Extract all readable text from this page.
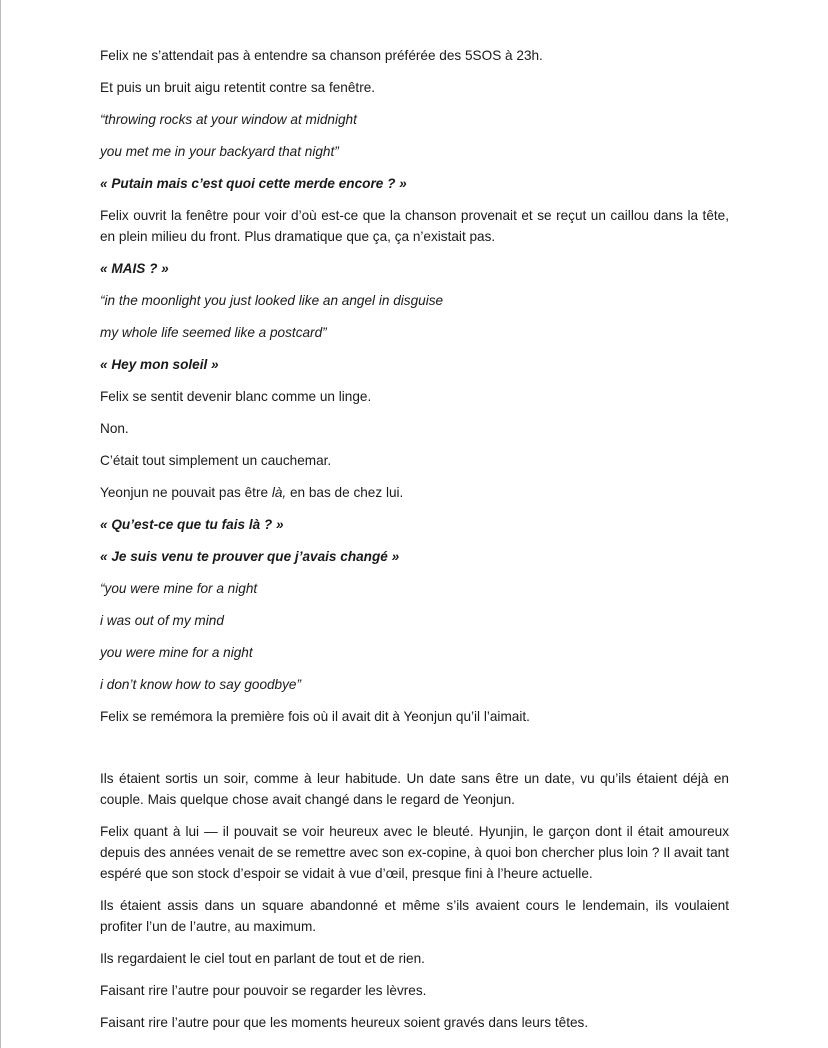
Felix ne s’attendait pas à entendre sa chanson préférée des 5SOS à 23h.

Et puis un bruit aigu retentit contre sa fenêtre.

“throwing rocks at your window at midnight

you met me in your backyard that night”

« Putain mais c’est quoi cette merde encore ? »

Felix ouvrit la fenêtre pour voir d’où est-ce que la chanson provenait et se reçut un caillou dans la tête, en plein milieu du front. Plus dramatique que ça, ça n’existait pas.

« MAIS ? »

“in the moonlight you just looked like an angel in disguise

my whole life seemed like a postcard”

« Hey mon soleil »

Felix se sentit devenir blanc comme un linge.

Non.

C’était tout simplement un cauchemar.

Yeonjun ne pouvait pas être là, en bas de chez lui.

« Qu’est-ce que tu fais là ? »

« Je suis venu te prouver que j’avais changé »

“you were mine for a night

i was out of my mind

you were mine for a night

i don’t know how to say goodbye”

Felix se remémora la première fois où il avait dit à Yeonjun qu’il l’aimait.

Ils étaient sortis un soir, comme à leur habitude. Un date sans être un date, vu qu’ils étaient déjà en couple. Mais quelque chose avait changé dans le regard de Yeonjun.

Felix quant à lui — il pouvait se voir heureux avec le bleuté. Hyunjin, le garçon dont il était amoureux depuis des années venait de se remettre avec son ex-copine, à quoi bon chercher plus loin ? Il avait tant espéré que son stock d’espoir se vidait à vue d’œil, presque fini à l’heure actuelle.

Ils étaient assis dans un square abandonné et même s’ils avaient cours le lendemain, ils voulaient profiter l’un de l’autre, au maximum.

Ils regardaient le ciel tout en parlant de tout et de rien.

Faisant rire l’autre pour pouvoir se regarder les lèvres.

Faisant rire l’autre pour que les moments heureux soient gravés dans leurs têtes.
